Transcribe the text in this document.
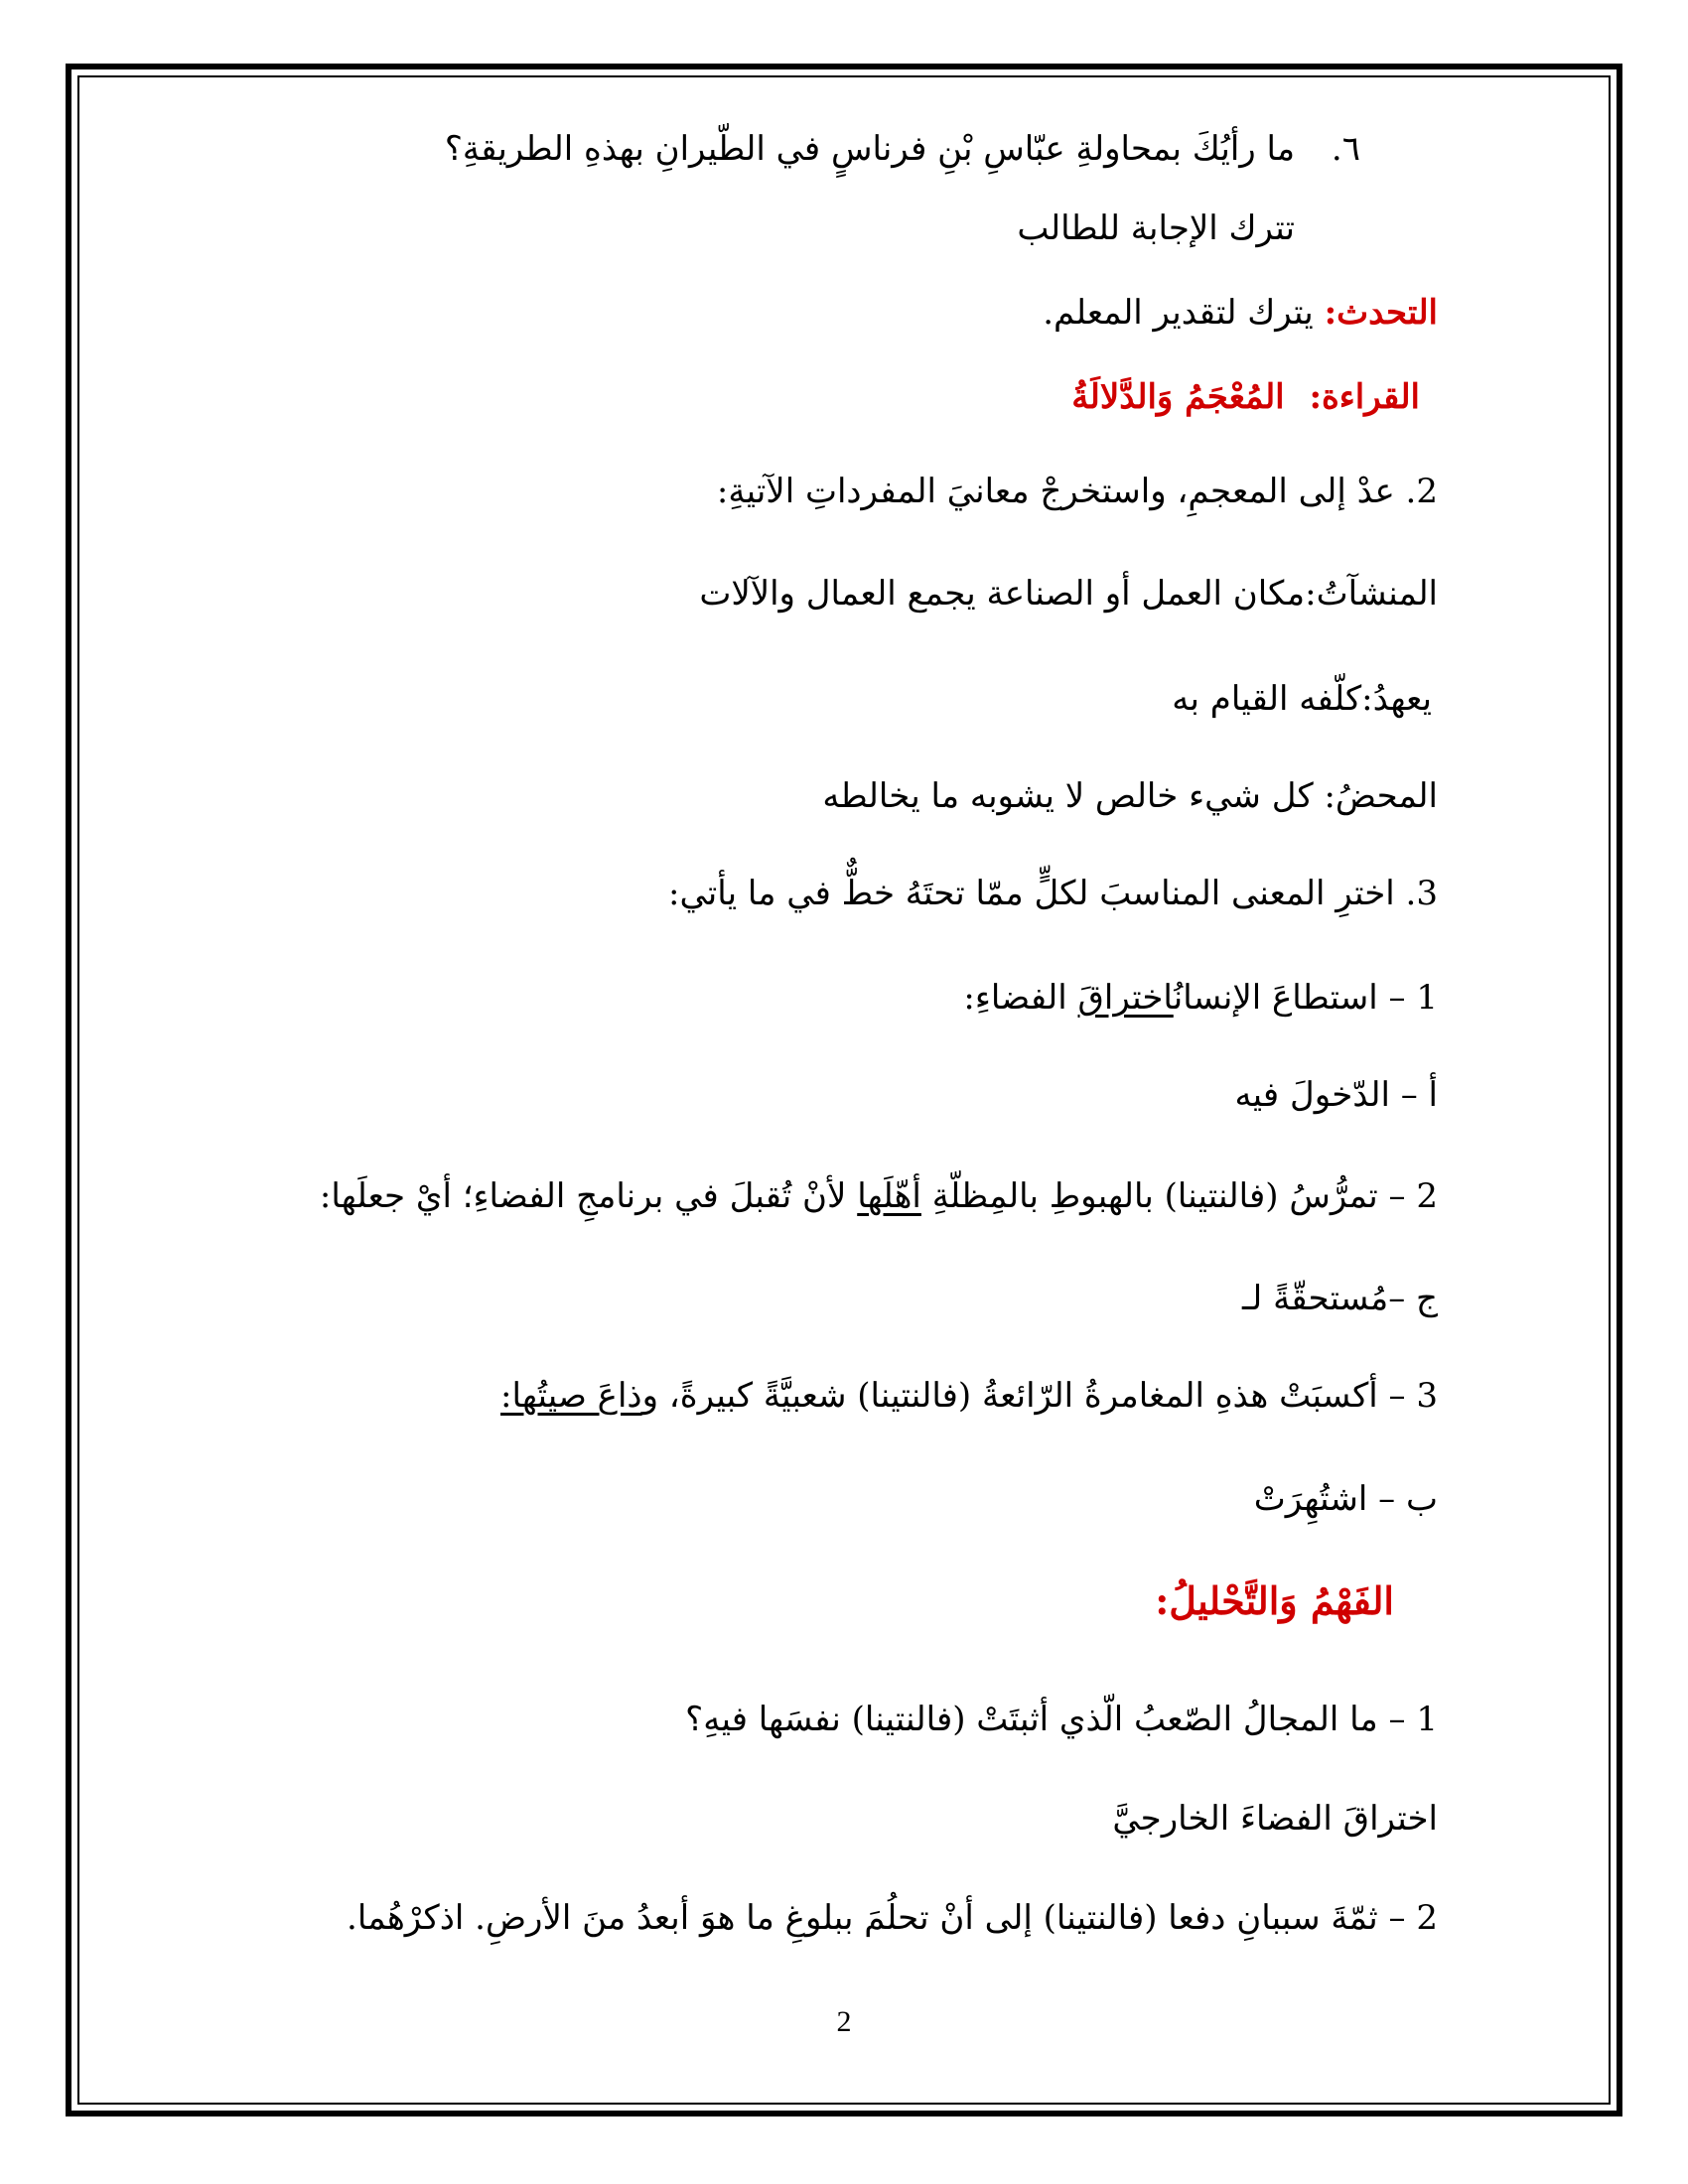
٦. ما رأيُكَ بمحاولةِ عبّاسِ بْنِ فرناسٍ في الطّيرانِ بهذهِ الطريقةِ؟
تترك الإجابة للطالب
التحدث: يترك لتقدير المعلم.
القراءة: المُعْجَمُ وَالدَّلالَةُ
2. عدْ إلى المعجمِ، واستخرجْ معانيَ المفرداتِ الآتيةِ:
المنشآتُ:مكان العمل أو الصناعة يجمع العمال والآلات
يعهدُ:كلّفه القيام به
المحضُ: كل شيء خالص لا يشوبه ما يخالطه
3. اخترِ المعنى المناسبَ لكلٍّ ممّا تحتَهُ خطٌّ في ما يأتي:
1 – استطاعَ الإنسانُاختراقَ الفضاءِ:
أ – الدّخولَ فيه
2 – تمرُّسُ (فالنتينا) بالهبوطِ بالمِظلّةِ أهّلَها لأنْ تُقبلَ في برنامجِ الفضاءِ؛ أيْ جعلَها:
ج –مُستحقّةً لـ
3 – أكسبَتْ هذهِ المغامرةُ الرّائعةُ (فالنتينا) شعبيَّةً كبيرةً، وذاعَ صيتُها:
ب – اشتُهِرَتْ
الفَهْمُ وَالتَّحْليلُ:
1 – ما المجالُ الصّعبُ الّذي أثبتَتْ (فالنتينا) نفسَها فيهِ؟
اختراقَ الفضاءَ الخارجيَّ
2 – ثمّةَ سببانِ دفعا (فالنتينا) إلى أنْ تحلُمَ ببلوغِ ما هوَ أبعدُ منَ الأرضِ. اذكرْهُما.
2
